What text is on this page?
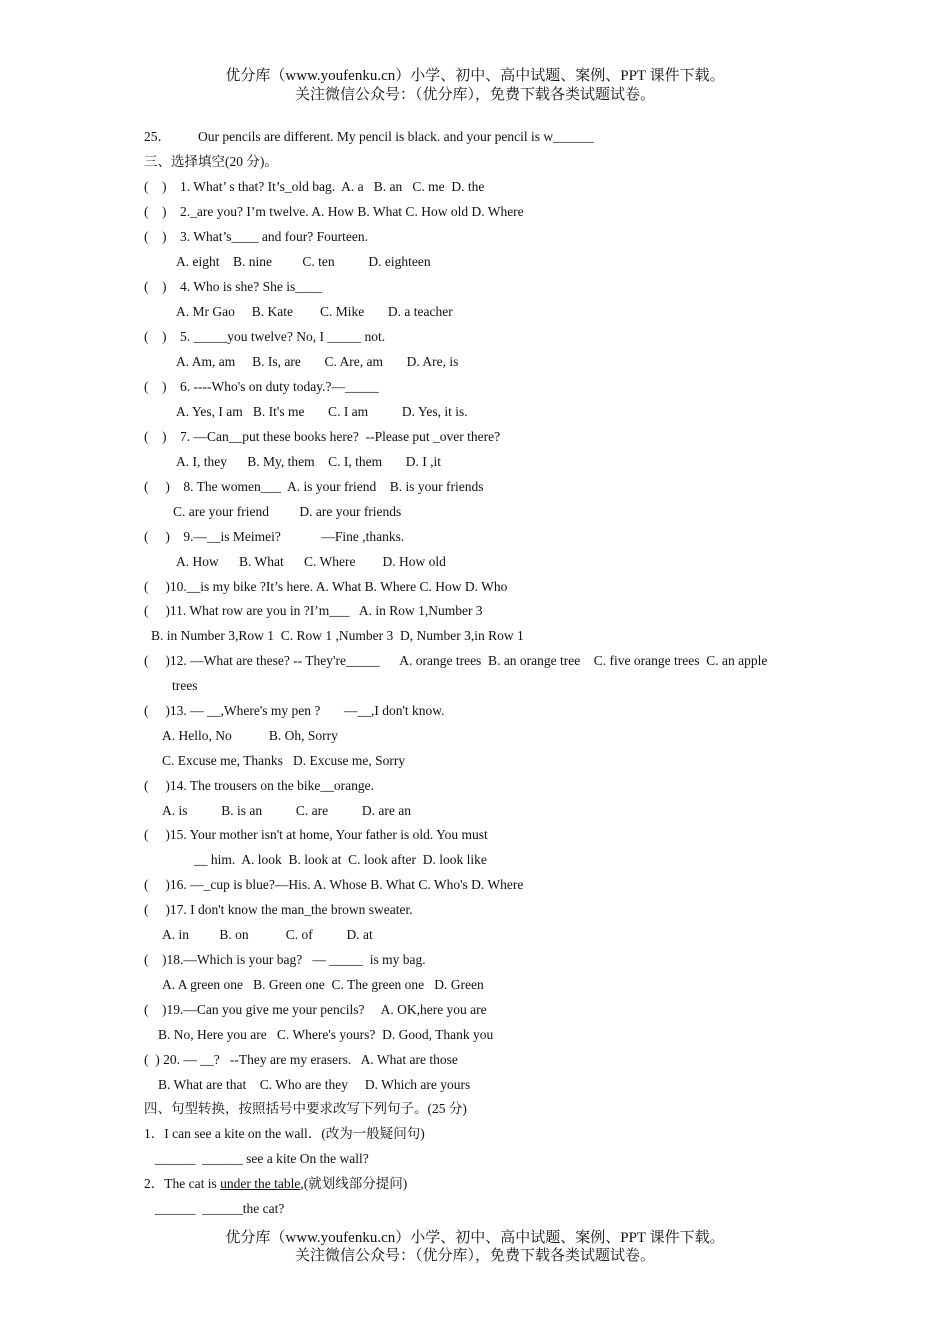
优分库（www.youfenku.cn）小学、初中、高中试题、案例、PPT 课件下载。
关注微信公众号：（优分库），免费下载各类试题试卷。
25．        Our pencils are different. My pencil is black. and your pencil is w______
三、选择填空(20 分)。
(    )    1. What’ s that? It’s_old bag.  A. a   B. an   C. me  D. the
(    )    2._are you? I’m twelve. A. How B. What C. How old D. Where
(    )    3. What’s____ and four? Fourteen.
A. eight    B. nine         C. ten          D. eighteen
(    )    4. Who is she? She is____
A. Mr Gao     B. Kate        C. Mike       D. a teacher
(    )    5. _____you twelve? No, I _____ not.
A. Am, am     B. Is, are       C. Are, am       D. Are, is
(    )    6. ----Who's on duty today.?—_____
A. Yes, I am   B. It's me       C. I am          D. Yes, it is.
(    )    7. —Can__put these books here?  --Please put _over there?
A. I, they      B. My, them    C. I, them       D. I ,it
(     )    8. The women___  A. is your friend    B. is your friends
C. are your friend         D. are your friends
(     )    9.—__is Meimei?            —Fine ,thanks.
A. How      B. What      C. Where        D. How old
(     )10.__is my bike ?It’s here. A. What B. Where C. How D. Who
(     )11. What row are you in ?I’m___   A. in Row 1,Number 3
B. in Number 3,Row 1  C. Row 1 ,Number 3  D, Number 3,in Row 1
(     )12. —What are these? -- They're_____      A. orange trees  B. an orange tree    C. five orange trees  C. an apple
trees
(     )13. — __,Where's my pen ?       —__,I don't know.
A. Hello, No           B. Oh, Sorry
C. Excuse me, Thanks   D. Excuse me, Sorry
(     )14. The trousers on the bike__orange.
A. is          B. is an          C. are          D. are an
(     )15. Your mother isn't at home, Your father is old. You must
__ him.  A. look  B. look at  C. look after  D. look like
(     )16. —_cup is blue?—His. A. Whose B. What C. Who's D. Where
(     )17. I don't know the man_the brown sweater.
A. in         B. on           C. of          D. at
(    )18.—Which is your bag?   — _____  is my bag.
A. A green one   B. Green one  C. The green one   D. Green
(    )19.—Can you give me your pencils?     A. OK,here you are
B. No, Here you are   C. Where's yours?  D. Good, Thank you
(  ) 20. — __?   --They are my erasers.   A. What are those
B. What are that    C. Who are they     D. Which are yours
四、句型转换，按照括号中要求改写下列句子。(25 分)
1．I can see a kite on the wall．(改为一般疑问句)
______  ______ see a kite On the wall?
2．The cat is under the table,(就划线部分提问)
______  ______the cat?
优分库（www.youfenku.cn）小学、初中、高中试题、案例、PPT 课件下载。
关注微信公众号：（优分库），免费下载各类试题试卷。
